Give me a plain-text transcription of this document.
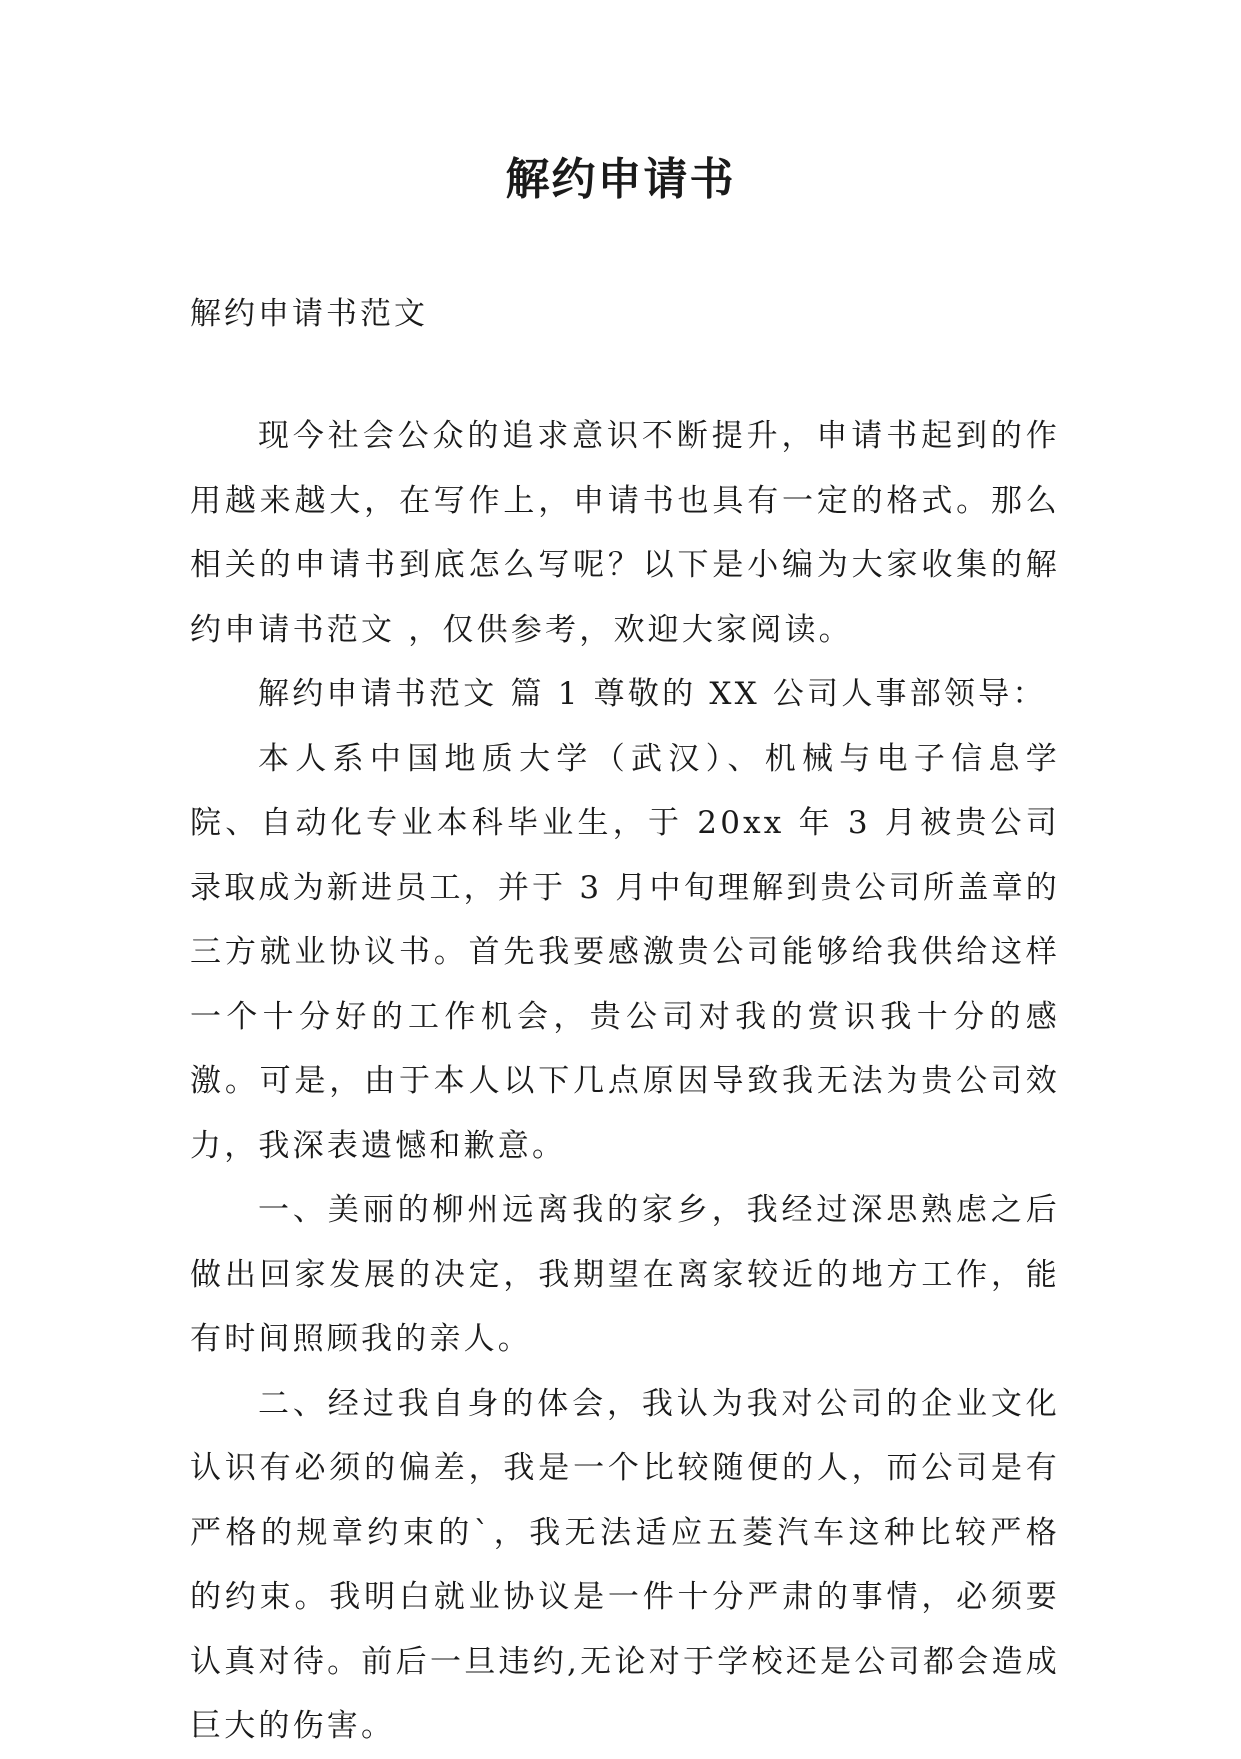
解约申请书
解约申请书范文

现今社会公众的追求意识不断提升，申请书起到的作用越来越大，在写作上，申请书也具有一定的格式。那么相关的申请书到底怎么写呢？以下是小编为大家收集的解约申请书范文 ，仅供参考，欢迎大家阅读。

解约申请书范文 篇 1 尊敬的 XX 公司人事部领导：

本人系中国地质大学（武汉）、机械与电子信息学院、自动化专业本科毕业生，于 20xx 年 3 月被贵公司录取成为新进员工，并于 3 月中旬理解到贵公司所盖章的三方就业协议书。首先我要感激贵公司能够给我供给这样一个十分好的工作机会，贵公司对我的赏识我十分的感激。可是，由于本人以下几点原因导致我无法为贵公司效力，我深表遗憾和歉意。

一、美丽的柳州远离我的家乡，我经过深思熟虑之后做出回家发展的决定，我期望在离家较近的地方工作，能有时间照顾我的亲人。

二、经过我自身的体会，我认为我对公司的企业文化认识有必须的偏差，我是一个比较随便的人，而公司是有严格的规章约束的`，我无法适应五菱汽车这种比较严格的约束。我明白就业协议是一件十分严肃的事情，必须要认真对待。前后一旦违约,无论对于学校还是公司都会造成巨大的伤害。
